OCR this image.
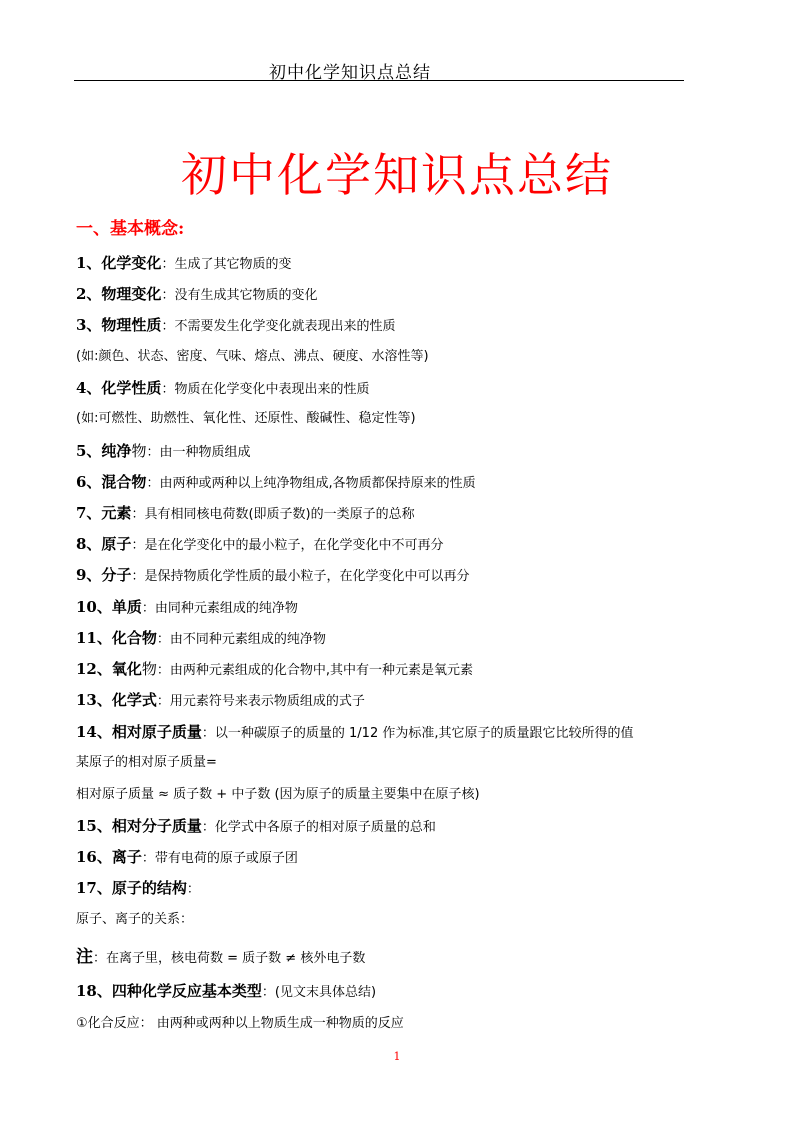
初中化学知识点总结
初中化学知识点总结
一、基本概念:
1、化学变化：生成了其它物质的变
2、物理变化：没有生成其它物质的变化
3、物理性质：不需要发生化学变化就表现出来的性质
(如:颜色、状态、密度、气味、熔点、沸点、硬度、水溶性等)
4、化学性质：物质在化学变化中表现出来的性质
(如:可燃性、助燃性、氧化性、还原性、酸碱性、稳定性等)
5、纯净物：由一种物质组成
6、混合物：由两种或两种以上纯净物组成,各物质都保持原来的性质
7、元素：具有相同核电荷数(即质子数)的一类原子的总称
8、原子：是在化学变化中的最小粒子，在化学变化中不可再分
9、分子：是保持物质化学性质的最小粒子，在化学变化中可以再分
10、单质：由同种元素组成的纯净物
11、化合物：由不同种元素组成的纯净物
12、氧化物：由两种元素组成的化合物中,其中有一种元素是氧元素
13、化学式：用元素符号来表示物质组成的式子
14、相对原子质量：以一种碳原子的质量的 1/12 作为标准,其它原子的质量跟它比较所得的值
某原子的相对原子质量=
相对原子质量 ≈ 质子数 + 中子数 (因为原子的质量主要集中在原子核)
15、相对分子质量：化学式中各原子的相对原子质量的总和
16、离子：带有电荷的原子或原子团
17、原子的结构：
原子、离子的关系：
注：在离子里，核电荷数 = 质子数 ≠ 核外电子数
18、四种化学反应基本类型：(见文末具体总结)
①化合反应： 由两种或两种以上物质生成一种物质的反应
1
